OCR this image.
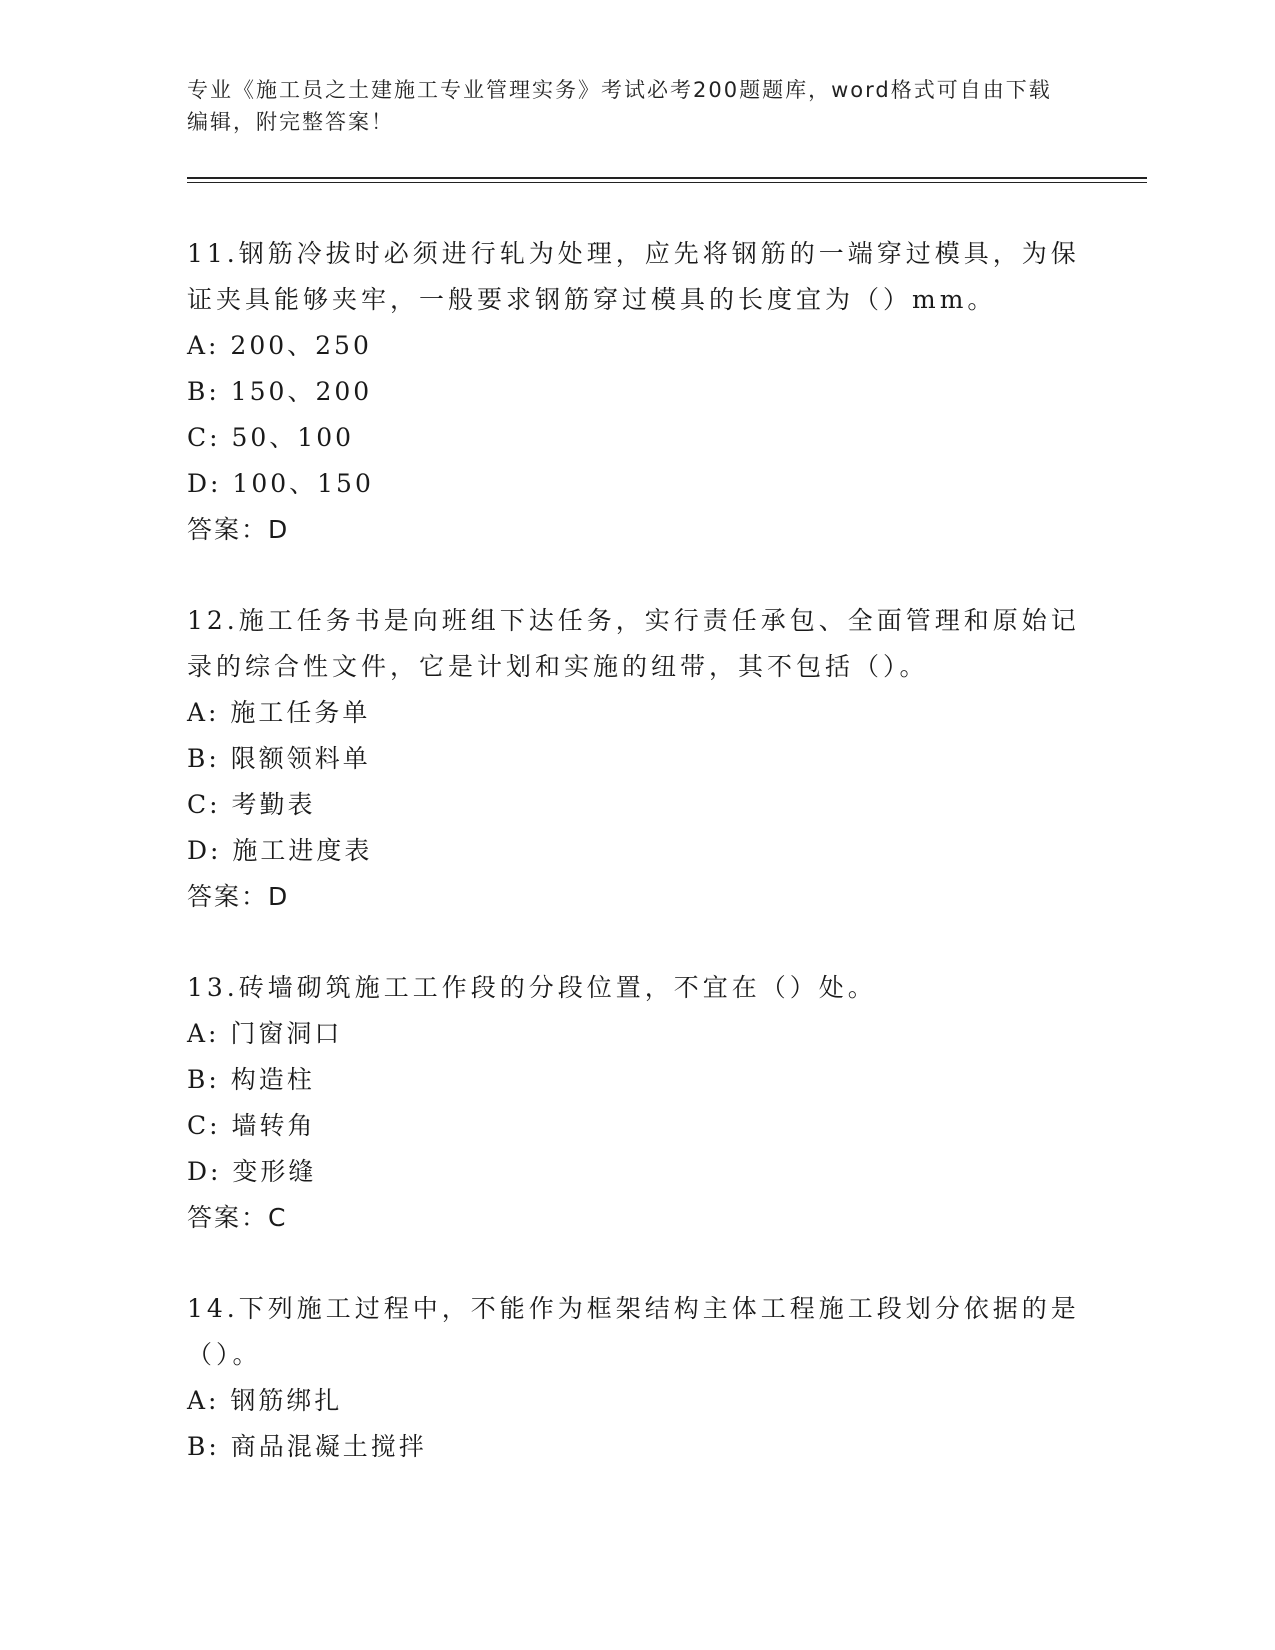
专业《施工员之土建施工专业管理实务》考试必考200题题库，word格式可自由下载编辑，附完整答案！

11.钢筋冷拔时必须进行轧为处理，应先将钢筋的一端穿过模具，为保证夹具能够夹牢，一般要求钢筋穿过模具的长度宜为（）mm。

A: 200、250

B: 150、200

C: 50、100

D: 100、150

答案：D

12.施工任务书是向班组下达任务，实行责任承包、全面管理和原始记录的综合性文件，它是计划和实施的纽带，其不包括（）。

A: 施工任务单

B: 限额领料单

C: 考勤表

D: 施工进度表

答案：D

13.砖墙砌筑施工工作段的分段位置，不宜在（）处。

A: 门窗洞口

B: 构造柱

C: 墙转角

D: 变形缝

答案：C

14.下列施工过程中，不能作为框架结构主体工程施工段划分依据的是（）。

A: 钢筋绑扎

B: 商品混凝土搅拌
